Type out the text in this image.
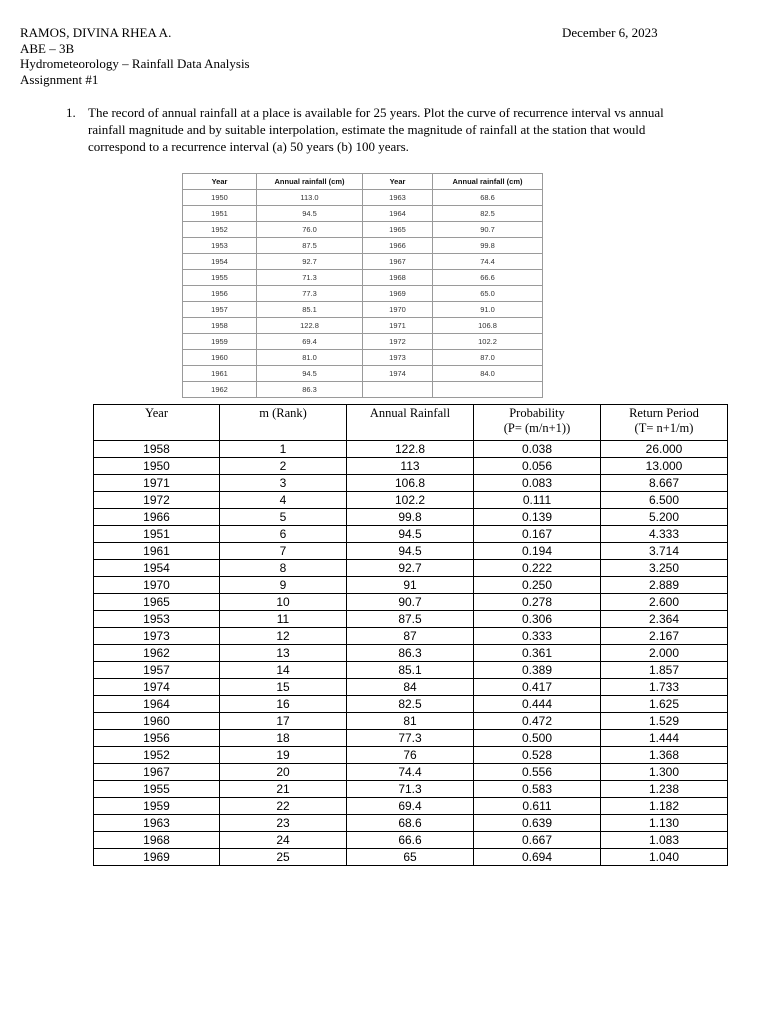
RAMOS, DIVINA RHEA A.
ABE – 3B
Hydrometeorology – Rainfall Data Analysis
Assignment #1
December 6, 2023
1. The record of annual rainfall at a place is available for 25 years. Plot the curve of recurrence interval vs annual rainfall magnitude and by suitable interpolation, estimate the magnitude of rainfall at the station that would correspond to a recurrence interval (a) 50 years (b) 100 years.
Year	Annual rainfall (cm)	Year	Annual rainfall (cm)
1950	113.0	1963	68.6
1951	94.5	1964	82.5
1952	76.0	1965	90.7
1953	87.5	1966	99.8
1954	92.7	1967	74.4
1955	71.3	1968	66.6
1956	77.3	1969	65.0
1957	85.1	1970	91.0
1958	122.8	1971	106.8
1959	69.4	1972	102.2
1960	81.0	1973	87.0
1961	94.5	1974	84.0
1962	86.3		
Year	m (Rank)	Annual Rainfall	Probability
(P= (m/n+1))	Return Period
(T= n+1/m)

1958	1	122.8	0.038	26.000
1950	2	113	0.056	13.000
1971	3	106.8	0.083	8.667
1972	4	102.2	0.111	6.500
1966	5	99.8	0.139	5.200
1951	6	94.5	0.167	4.333
1961	7	94.5	0.194	3.714
1954	8	92.7	0.222	3.250
1970	9	91	0.250	2.889
1965	10	90.7	0.278	2.600
1953	11	87.5	0.306	2.364
1973	12	87	0.333	2.167
1962	13	86.3	0.361	2.000
1957	14	85.1	0.389	1.857
1974	15	84	0.417	1.733
1964	16	82.5	0.444	1.625
1960	17	81	0.472	1.529
1956	18	77.3	0.500	1.444
1952	19	76	0.528	1.368
1967	20	74.4	0.556	1.300
1955	21	71.3	0.583	1.238
1959	22	69.4	0.611	1.182
1963	23	68.6	0.639	1.130
1968	24	66.6	0.667	1.083
1969	25	65	0.694	1.040
